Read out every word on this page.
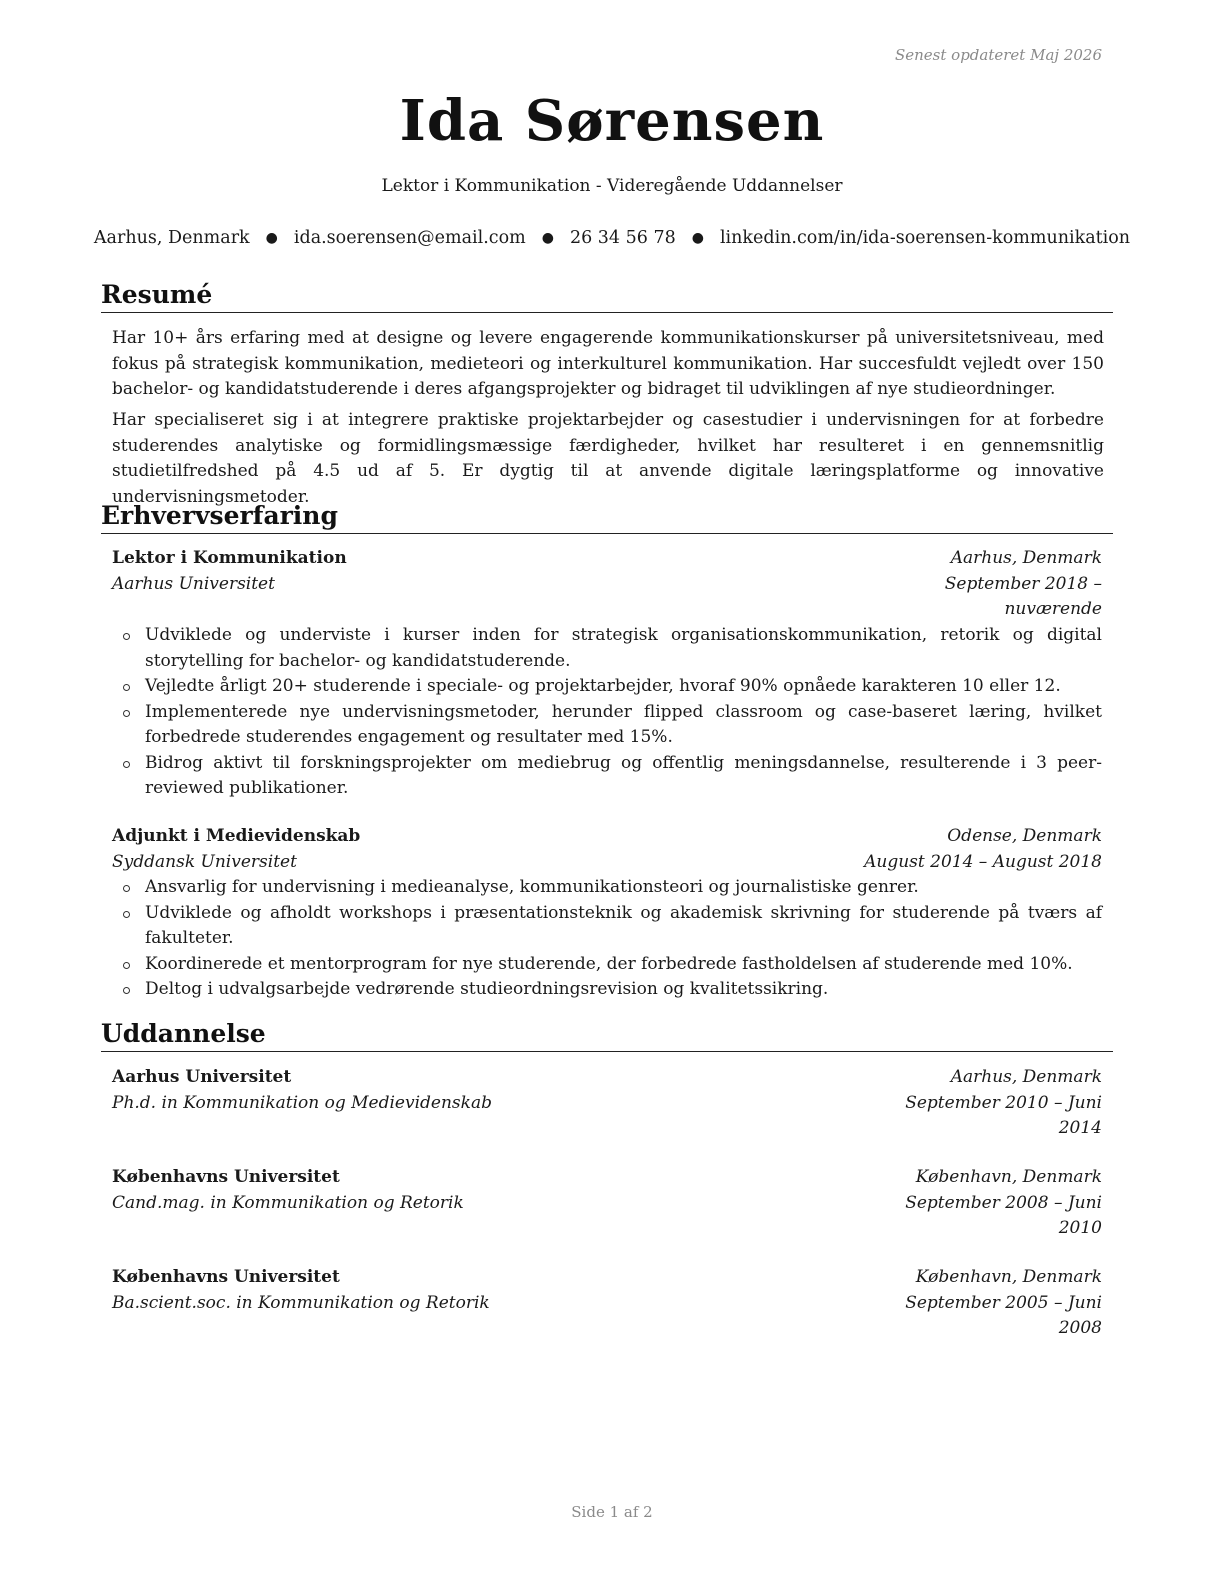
Senest opdateret Maj 2026
Ida Sørensen
Lektor i Kommunikation - Videregående Uddannelser
Aarhus, Denmark ● ida.soerensen@email.com ● 26 34 56 78 ● linkedin.com/in/ida-soerensen-kommunikation
Resumé
Har 10+ års erfaring med at designe og levere engagerende kommunikationskurser på universitetsniveau, med fokus på strategisk kommunikation, medieteori og interkulturel kommunikation. Har succesfuldt vejledt over 150 bachelor- og kandidatstuderende i deres afgangsprojekter og bidraget til udviklingen af nye studieordninger.
Har specialiseret sig i at integrere praktiske projektarbejder og casestudier i undervisningen for at forbedre studerendes analytiske og formidlingsmæssige færdigheder, hvilket har resulteret i en gennemsnitlig studietilfredshed på 4.5 ud af 5. Er dygtig til at anvende digitale læringsplatforme og innovative undervisningsmetoder.
Erhvervserfaring
Lektor i Kommunikation	Aarhus, Denmark
Aarhus Universitet	September 2018 – nuværende
Udviklede og underviste i kurser inden for strategisk organisationskommunikation, retorik og digital storytelling for bachelor- og kandidatstuderende.
Vejledte årligt 20+ studerende i speciale- og projektarbejder, hvoraf 90% opnåede karakteren 10 eller 12.
Implementerede nye undervisningsmetoder, herunder flipped classroom og case-baseret læring, hvilket forbedrede studerendes engagement og resultater med 15%.
Bidrog aktivt til forskningsprojekter om mediebrug og offentlig meningsdannelse, resulterende i 3 peer-reviewed publikationer.
Adjunkt i Medievidenskab	Odense, Denmark
Syddansk Universitet	August 2014 – August 2018
Ansvarlig for undervisning i medieanalyse, kommunikationsteori og journalistiske genrer.
Udviklede og afholdt workshops i præsentationsteknik og akademisk skrivning for studerende på tværs af fakulteter.
Koordinerede et mentorprogram for nye studerende, der forbedrede fastholdelsen af studerende med 10%.
Deltog i udvalgsarbejde vedrørende studieordningsrevision og kvalitetssikring.
Uddannelse
Aarhus Universitet	Aarhus, Denmark
Ph.d. in Kommunikation og Medievidenskab	September 2010 – Juni 2014
Københavns Universitet	København, Denmark
Cand.mag. in Kommunikation og Retorik	September 2008 – Juni 2010
Københavns Universitet	København, Denmark
Ba.scient.soc. in Kommunikation og Retorik	September 2005 – Juni 2008
Side 1 af 2
